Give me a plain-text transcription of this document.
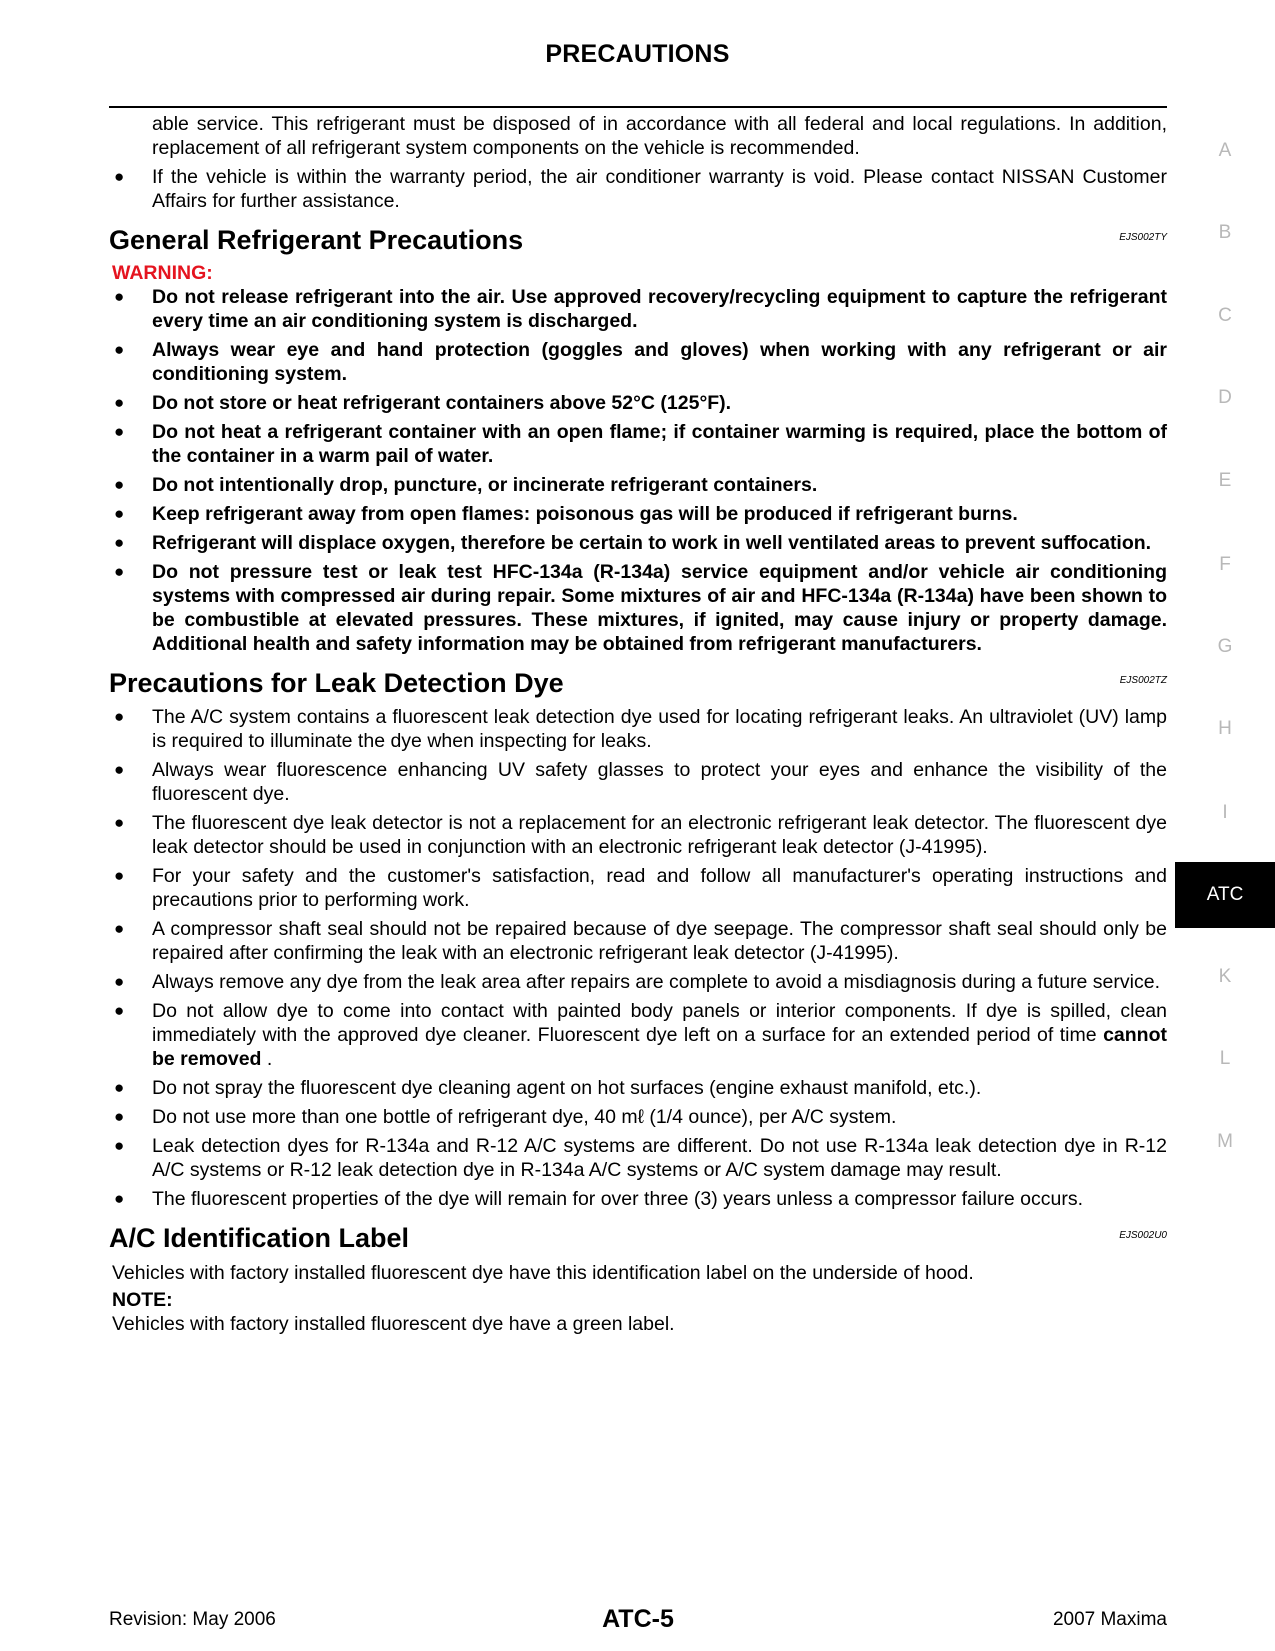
PRECAUTIONS
able service. This refrigerant must be disposed of in accordance with all federal and local regulations. In addition, replacement of all refrigerant system components on the vehicle is recommended.
● If the vehicle is within the warranty period, the air conditioner warranty is void. Please contact NISSAN Customer Affairs for further assistance.
General Refrigerant Precautions	EJS002TY
WARNING:
● Do not release refrigerant into the air. Use approved recovery/recycling equipment to capture the refrigerant every time an air conditioning system is discharged.
● Always wear eye and hand protection (goggles and gloves) when working with any refrigerant or air conditioning system.
● Do not store or heat refrigerant containers above 52°C (125°F).
● Do not heat a refrigerant container with an open flame; if container warming is required, place the bottom of the container in a warm pail of water.
● Do not intentionally drop, puncture, or incinerate refrigerant containers.
● Keep refrigerant away from open flames: poisonous gas will be produced if refrigerant burns.
● Refrigerant will displace oxygen, therefore be certain to work in well ventilated areas to prevent suffocation.
● Do not pressure test or leak test HFC-134a (R-134a) service equipment and/or vehicle air conditioning systems with compressed air during repair. Some mixtures of air and HFC-134a (R-134a) have been shown to be combustible at elevated pressures. These mixtures, if ignited, may cause injury or property damage. Additional health and safety information may be obtained from refrigerant manufacturers.
Precautions for Leak Detection Dye	EJS002TZ
● The A/C system contains a fluorescent leak detection dye used for locating refrigerant leaks. An ultraviolet (UV) lamp is required to illuminate the dye when inspecting for leaks.
● Always wear fluorescence enhancing UV safety glasses to protect your eyes and enhance the visibility of the fluorescent dye.
● The fluorescent dye leak detector is not a replacement for an electronic refrigerant leak detector. The fluorescent dye leak detector should be used in conjunction with an electronic refrigerant leak detector (J-41995).
● For your safety and the customer's satisfaction, read and follow all manufacturer's operating instructions and precautions prior to performing work.
● A compressor shaft seal should not be repaired because of dye seepage. The compressor shaft seal should only be repaired after confirming the leak with an electronic refrigerant leak detector (J-41995).
● Always remove any dye from the leak area after repairs are complete to avoid a misdiagnosis during a future service.
● Do not allow dye to come into contact with painted body panels or interior components. If dye is spilled, clean immediately with the approved dye cleaner. Fluorescent dye left on a surface for an extended period of time cannot be removed .
● Do not spray the fluorescent dye cleaning agent on hot surfaces (engine exhaust manifold, etc.).
● Do not use more than one bottle of refrigerant dye, 40 mℓ (1/4 ounce), per A/C system.
● Leak detection dyes for R-134a and R-12 A/C systems are different. Do not use R-134a leak detection dye in R-12 A/C systems or R-12 leak detection dye in R-134a A/C systems or A/C system damage may result.
● The fluorescent properties of the dye will remain for over three (3) years unless a compressor failure occurs.
A/C Identification Label	EJS002U0
Vehicles with factory installed fluorescent dye have this identification label on the underside of hood.
NOTE:
Vehicles with factory installed fluorescent dye have a green label.
A
B
C
D
E
F
G
H
I
ATC
K
L
M
Revision: May 2006	ATC-5	2007 Maxima
